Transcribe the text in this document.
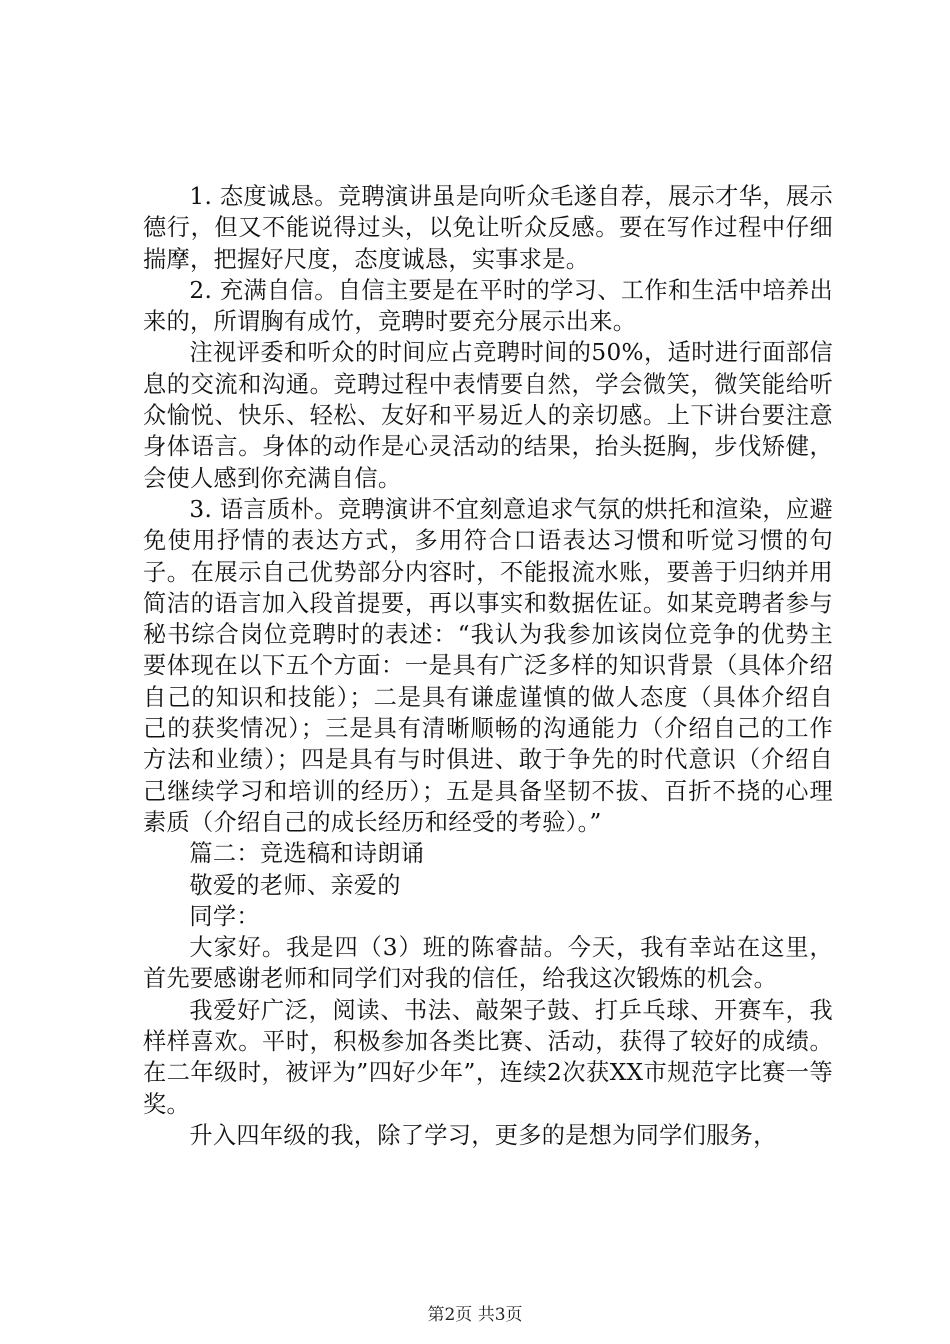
1. 态度诚恳。竞聘演讲虽是向听众毛遂自荐，展示才华，展示德行，但又不能说得过头，以免让听众反感。要在写作过程中仔细揣摩，把握好尺度，态度诚恳，实事求是。

2. 充满自信。自信主要是在平时的学习、工作和生活中培养出来的，所谓胸有成竹，竞聘时要充分展示出来。

注视评委和听众的时间应占竞聘时间的50%，适时进行面部信息的交流和沟通。竞聘过程中表情要自然，学会微笑，微笑能给听众愉悦、快乐、轻松、友好和平易近人的亲切感。上下讲台要注意身体语言。身体的动作是心灵活动的结果，抬头挺胸，步伐矫健，会使人感到你充满自信。

3. 语言质朴。竞聘演讲不宜刻意追求气氛的烘托和渲染，应避免使用抒情的表达方式，多用符合口语表达习惯和听觉习惯的句子。在展示自己优势部分内容时，不能报流水账，要善于归纳并用简洁的语言加入段首提要，再以事实和数据佐证。如某竞聘者参与秘书综合岗位竞聘时的表述：“我认为我参加该岗位竞争的优势主要体现在以下五个方面：一是具有广泛多样的知识背景（具体介绍自己的知识和技能）；二是具有谦虚谨慎的做人态度（具体介绍自己的获奖情况）；三是具有清晰顺畅的沟通能力（介绍自己的工作方法和业绩）；四是具有与时俱进、敢于争先的时代意识（介绍自己继续学习和培训的经历）；五是具备坚韧不拔、百折不挠的心理素质（介绍自己的成长经历和经受的考验）。”

篇二：竞选稿和诗朗诵

敬爱的老师、亲爱的

同学：

大家好。我是四（3）班的陈睿喆。今天，我有幸站在这里，首先要感谢老师和同学们对我的信任，给我这次锻炼的机会。

我爱好广泛，阅读、书法、敲架子鼓、打乒乓球、开赛车，我样样喜欢。平时，积极参加各类比赛、活动，获得了较好的成绩。在二年级时，被评为”四好少年”，连续2次获XX市规范字比赛一等奖。

升入四年级的我，除了学习，更多的是想为同学们服务，

第2页 共3页
